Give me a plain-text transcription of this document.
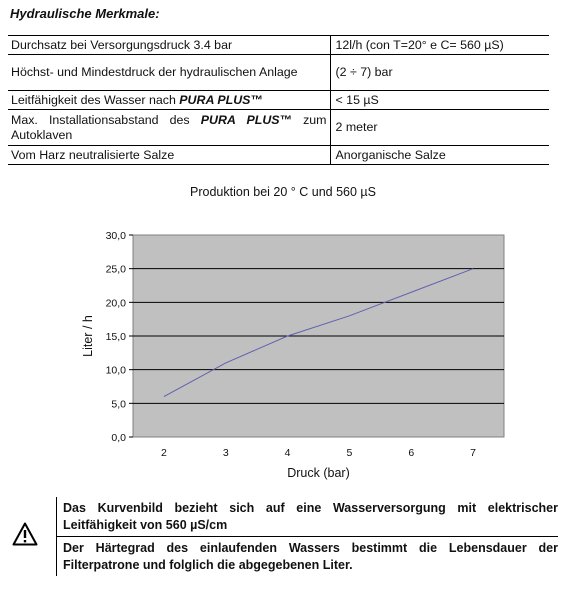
Hydraulische Merkmale:
Durchsatz bei Versorgungsdruck 3.4 bar	12l/h (con T=20° e C= 560 µS)
Höchst- und Mindestdruck der hydraulischen Anlage	(2 ÷ 7) bar
Leitfähigkeit des Wasser nach PURA PLUS™	< 15 µS
Max. Installationsabstand des PURA PLUS™ zum Autoklaven	2 meter
Vom Harz neutralisierte Salze	Anorganische Salze
Produktion bei 20 ° C und 560 µS
0,0
5,0
10,0
15,0
20,0
25,0
30,0
2	3	4	5	6	7
Liter / h
Druck (bar)
Das Kurvenbild bezieht sich auf eine Wasserversorgung mit elektrischer Leitfähigkeit von 560 µS/cm
Der Härtegrad des einlaufenden Wassers bestimmt die Lebensdauer der Filterpatrone und folglich die abgegebenen Liter.
